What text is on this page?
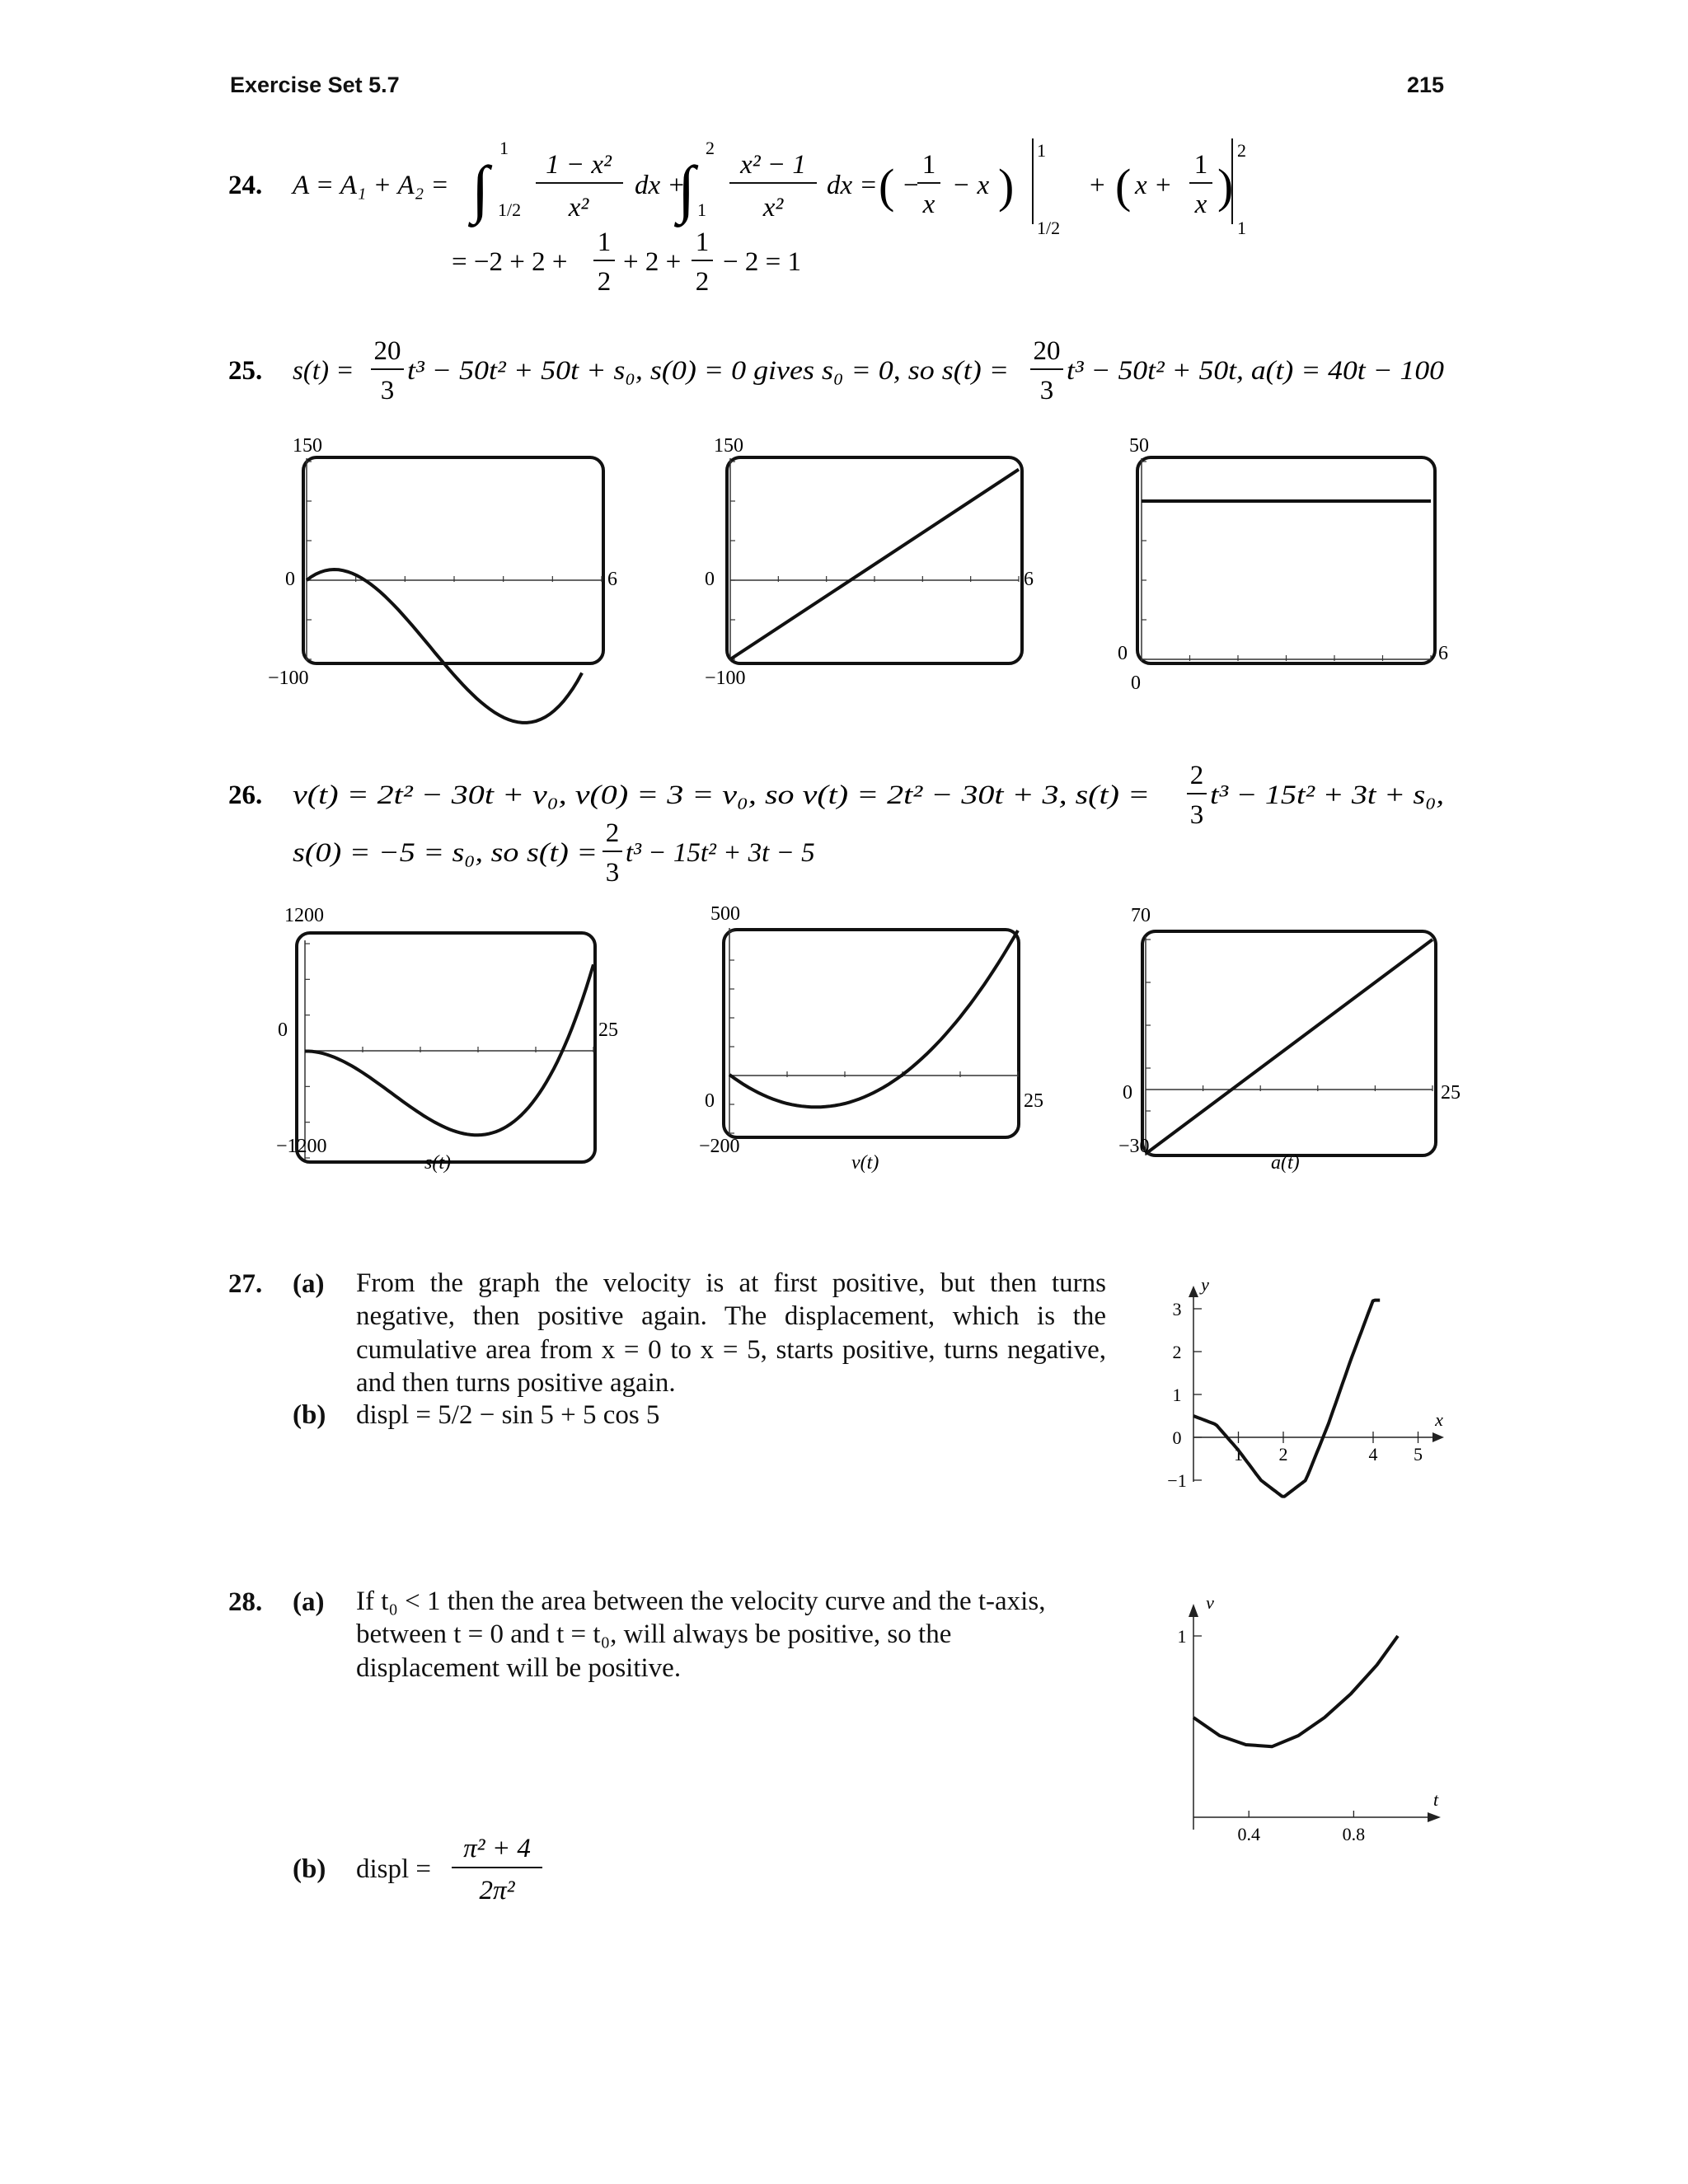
Exercise Set 5.7	215
24. A = A₁ + A₂ = ∫
1
1/2
1 − x²
x²
dx +
∫
2
1
x² − 1
x²
dx = ( −
1
x
− x )
1
1/2
+ ( x +
1
x )
2
1
= −2 + 2 +
1
2
+ 2 +
1
2
− 2 = 1
25. s(t) =
20
3
t³ − 50t² + 50t + s₀, s(0) = 0 gives s₀ = 0, so s(t) =
20
3
t³ − 50t² + 50t, a(t) = 40t − 100
26. v(t) = 2t² − 30t + v₀, v(0) = 3 = v₀, so v(t) = 2t² − 30t + 3, s(t) =
2
3
t³ − 15t² + 3t + s₀,
s(0) = −5 = s₀, so s(t) =
2
3
t³ − 15t² + 3t − 5
π² + 4
2π²
150
−100
0	6
150
−100
0	6
50
0
0	6
1200
−1200
0	25
s(t)
500
−200
0	25
v(t)
70
−30
0	25
a(t)
3
2
1
0
−1
1 2	4 5
x
y
1
0.4	0.8
t
v
27. (a) From the graph the velocity is at first positive, but then turns negative, then positive again. The displacement, which is the cumulative area from x = 0 to x = 5, starts positive, turns negative, and then turns positive again.
(b) displ = 5/2 − sin 5 + 5 cos 5
28. (a) If t₀ < 1 then the area between the velocity curve and the t-axis, between t = 0 and t = t₀, will always be positive, so the displacement will be positive.
(b) displ =
